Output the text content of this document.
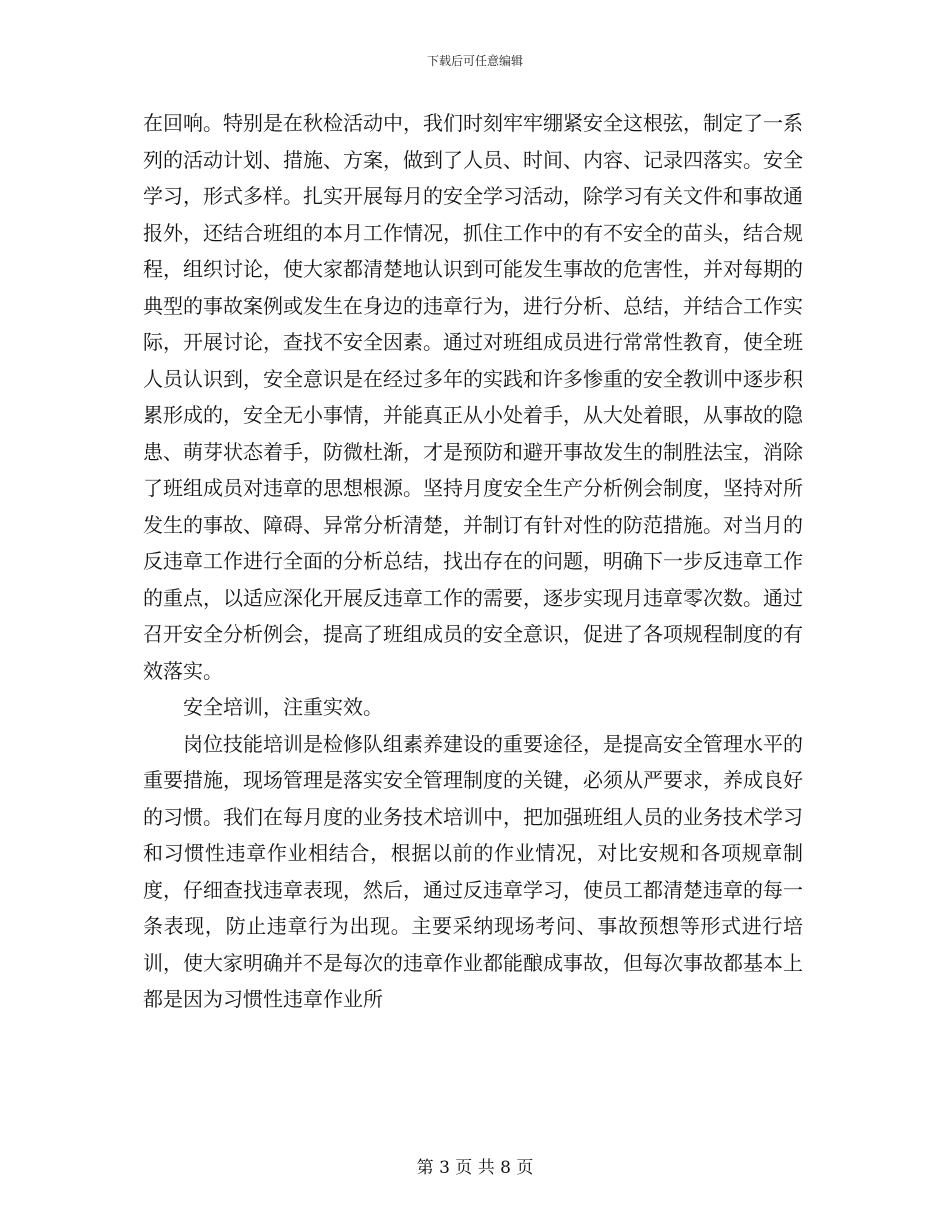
下载后可任意编辑

在回响。特别是在秋检活动中，我们时刻牢牢绷紧安全这根弦，制定了一系列的活动计划、措施、方案，做到了人员、时间、内容、记录四落实。安全学习，形式多样。扎实开展每月的安全学习活动，除学习有关文件和事故通报外，还结合班组的本月工作情况，抓住工作中的有不安全的苗头，结合规程，组织讨论，使大家都清楚地认识到可能发生事故的危害性，并对每期的典型的事故案例或发生在身边的违章行为，进行分析、总结，并结合工作实际，开展讨论，查找不安全因素。通过对班组成员进行常常性教育，使全班人员认识到，安全意识是在经过多年的实践和许多惨重的安全教训中逐步积累形成的，安全无小事情，并能真正从小处着手，从大处着眼，从事故的隐患、萌芽状态着手，防微杜渐，才是预防和避开事故发生的制胜法宝，消除了班组成员对违章的思想根源。坚持月度安全生产分析例会制度，坚持对所发生的事故、障碍、异常分析清楚，并制订有针对性的防范措施。对当月的反违章工作进行全面的分析总结，找出存在的问题，明确下一步反违章工作的重点，以适应深化开展反违章工作的需要，逐步实现月违章零次数。通过召开安全分析例会，提高了班组成员的安全意识，促进了各项规程制度的有效落实。

安全培训，注重实效。

岗位技能培训是检修队组素养建设的重要途径，是提高安全管理水平的重要措施，现场管理是落实安全管理制度的关键，必须从严要求，养成良好的习惯。我们在每月度的业务技术培训中，把加强班组人员的业务技术学习和习惯性违章作业相结合，根据以前的作业情况，对比安规和各项规章制度，仔细查找违章表现，然后，通过反违章学习，使员工都清楚违章的每一条表现，防止违章行为出现。主要采纳现场考问、事故预想等形式进行培训，使大家明确并不是每次的违章作业都能酿成事故，但每次事故都基本上都是因为习惯性违章作业所

第 3 页 共 8 页
